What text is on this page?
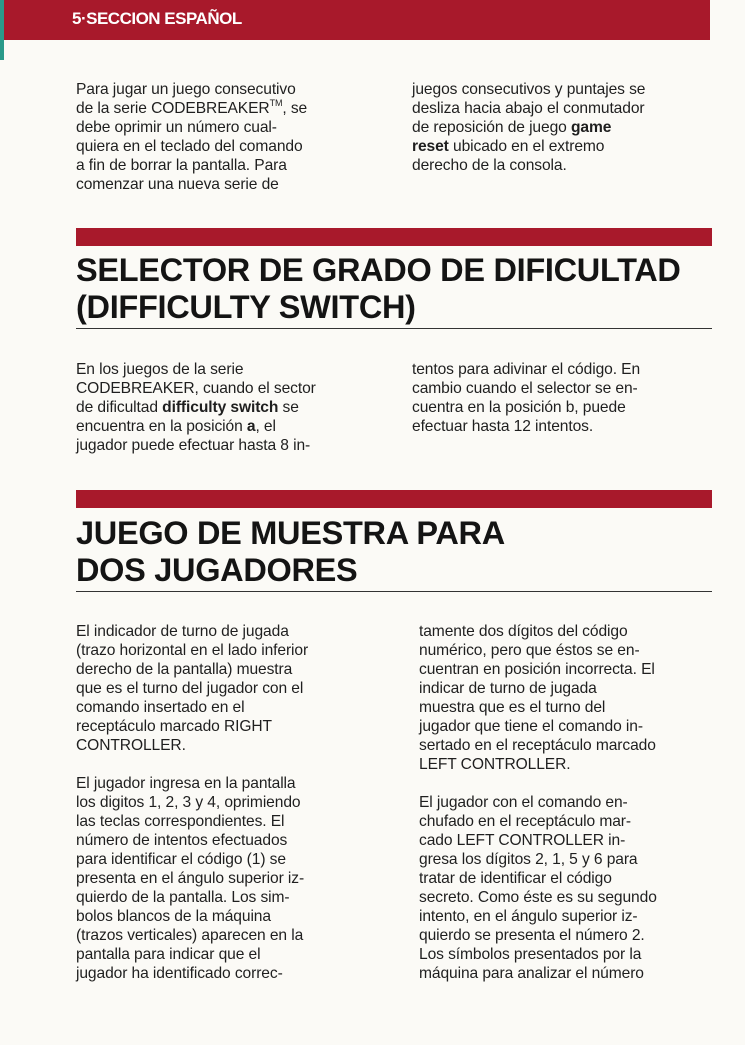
5·SECCION ESPAÑOL
Para jugar un juego consecutivo
de la serie CODEBREAKER™, se
debe oprimir un número cual-
quiera en el teclado del comando
a fin de borrar la pantalla. Para
comenzar una nueva serie de
juegos consecutivos y puntajes se
desliza hacia abajo el conmutador
de reposición de juego game
reset ubicado en el extremo
derecho de la consola.
SELECTOR DE GRADO DE DIFICULTAD
(DIFFICULTY SWITCH)
En los juegos de la serie
CODEBREAKER, cuando el sector
de dificultad difficulty switch se
encuentra en la posición a, el
jugador puede efectuar hasta 8 in-
tentos para adivinar el código. En
cambio cuando el selector se en-
cuentra en la posición b, puede
efectuar hasta 12 intentos.
JUEGO DE MUESTRA PARA
DOS JUGADORES
El indicador de turno de jugada
(trazo horizontal en el lado inferior
derecho de la pantalla) muestra
que es el turno del jugador con el
comando insertado en el
receptáculo marcado RIGHT
CONTROLLER.
El jugador ingresa en la pantalla
los digitos 1, 2, 3 y 4, oprimiendo
las teclas correspondientes. El
número de intentos efectuados
para identificar el código (1) se
presenta en el ángulo superior iz-
quierdo de la pantalla. Los sim-
bolos blancos de la máquina
(trazos verticales) aparecen en la
pantalla para indicar que el
jugador ha identificado correc-
tamente dos dígitos del código
numérico, pero que éstos se en-
cuentran en posición incorrecta. El
indicar de turno de jugada
muestra que es el turno del
jugador que tiene el comando in-
sertado en el receptáculo marcado
LEFT CONTROLLER.
El jugador con el comando en-
chufado en el receptáculo mar-
cado LEFT CONTROLLER in-
gresa los dígitos 2, 1, 5 y 6 para
tratar de identificar el código
secreto. Como éste es su segundo
intento, en el ángulo superior iz-
quierdo se presenta el número 2.
Los símbolos presentados por la
máquina para analizar el número
